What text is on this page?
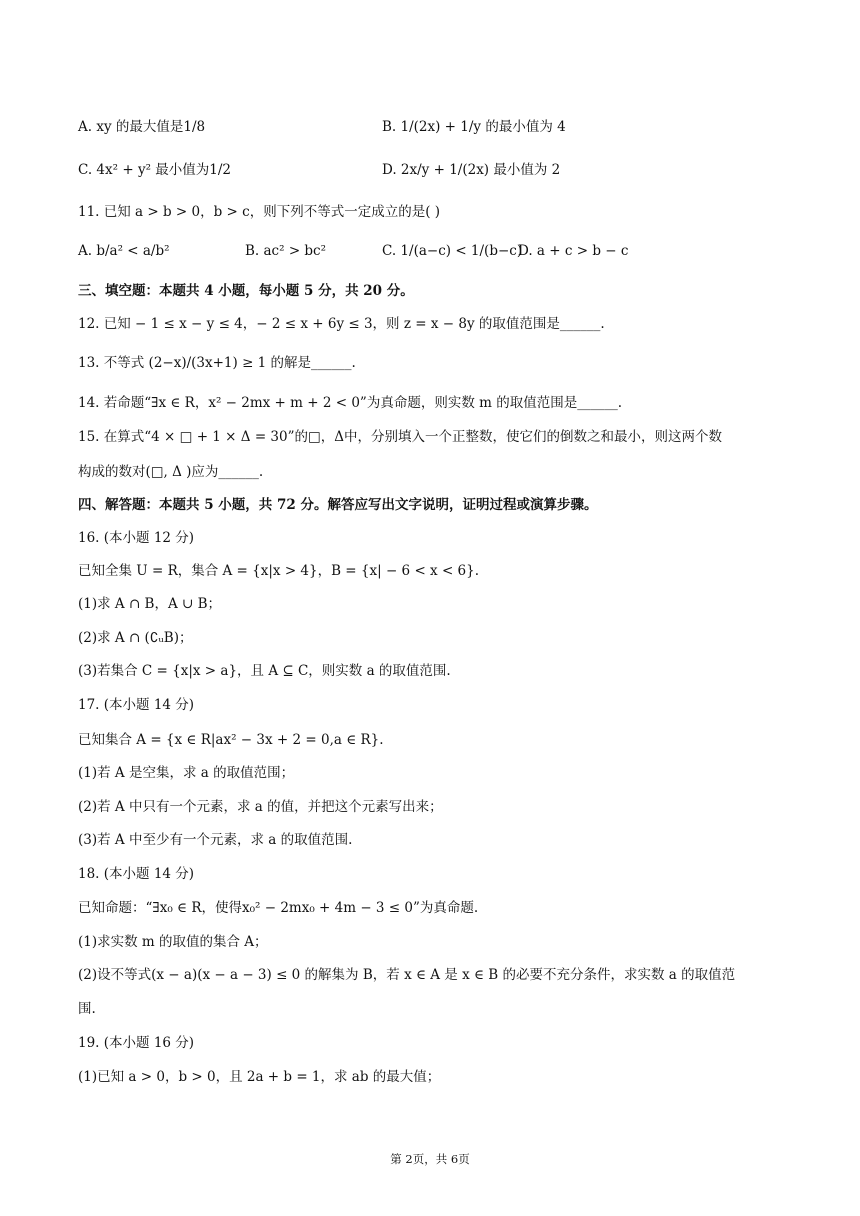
A. xy 的最大值是1/8	B. 1/(2x) + 1/y 的最小值为 4
C. 4x² + y² 最小值为1/2	D. 2x/y + 1/(2x) 最小值为 2
11. 已知 a > b > 0，b > c，则下列不等式一定成立的是( )
A. b/a² < a/b²	B. ac² > bc²	C. 1/(a−c) < 1/(b−c)
D. a + c > b − c
三、填空题：本题共 4 小题，每小题 5 分，共 20 分。
12. 已知 − 1 ≤ x − y ≤ 4，− 2 ≤ x + 6y ≤ 3，则 z = x − 8y 的取值范围是______.
13. 不等式 (2−x)/(3x+1) ≥ 1 的解是______.
14. 若命题“∃x ∈ R，x² − 2mx + m + 2 < 0”为真命题，则实数 m 的取值范围是______.
15. 在算式“4 × □ + 1 × Δ = 30”的□，Δ中，分别填入一个正整数，使它们的倒数之和最小，则这两个数
构成的数对(□, Δ )应为______.
四、解答题：本题共 5 小题，共 72 分。解答应写出文字说明，证明过程或演算步骤。
16. (本小题 12 分)
已知全集 U = R，集合 A = {x|x > 4}，B = {x| − 6 < x < 6}.
(1)求 A ∩ B，A ∪ B；
(2)求 A ∩ (∁ᵤB)；
(3)若集合 C = {x|x > a}，且 A ⊆ C，则实数 a 的取值范围.
17. (本小题 14 分)
已知集合 A = {x ∈ R|ax² − 3x + 2 = 0,a ∈ R}.
(1)若 A 是空集，求 a 的取值范围；
(2)若 A 中只有一个元素，求 a 的值，并把这个元素写出来；
(3)若 A 中至少有一个元素，求 a 的取值范围.
18. (本小题 14 分)
已知命题：“∃x₀ ∈ R，使得x₀² − 2mx₀ + 4m − 3 ≤ 0”为真命题.
(1)求实数 m 的取值的集合 A；
(2)设不等式(x − a)(x − a − 3) ≤ 0 的解集为 B，若 x ∈ A 是 x ∈ B 的必要不充分条件，求实数 a 的取值范
围.
19. (本小题 16 分)
(1)已知 a > 0，b > 0，且 2a + b = 1，求 ab 的最大值；
第 2页，共 6页
